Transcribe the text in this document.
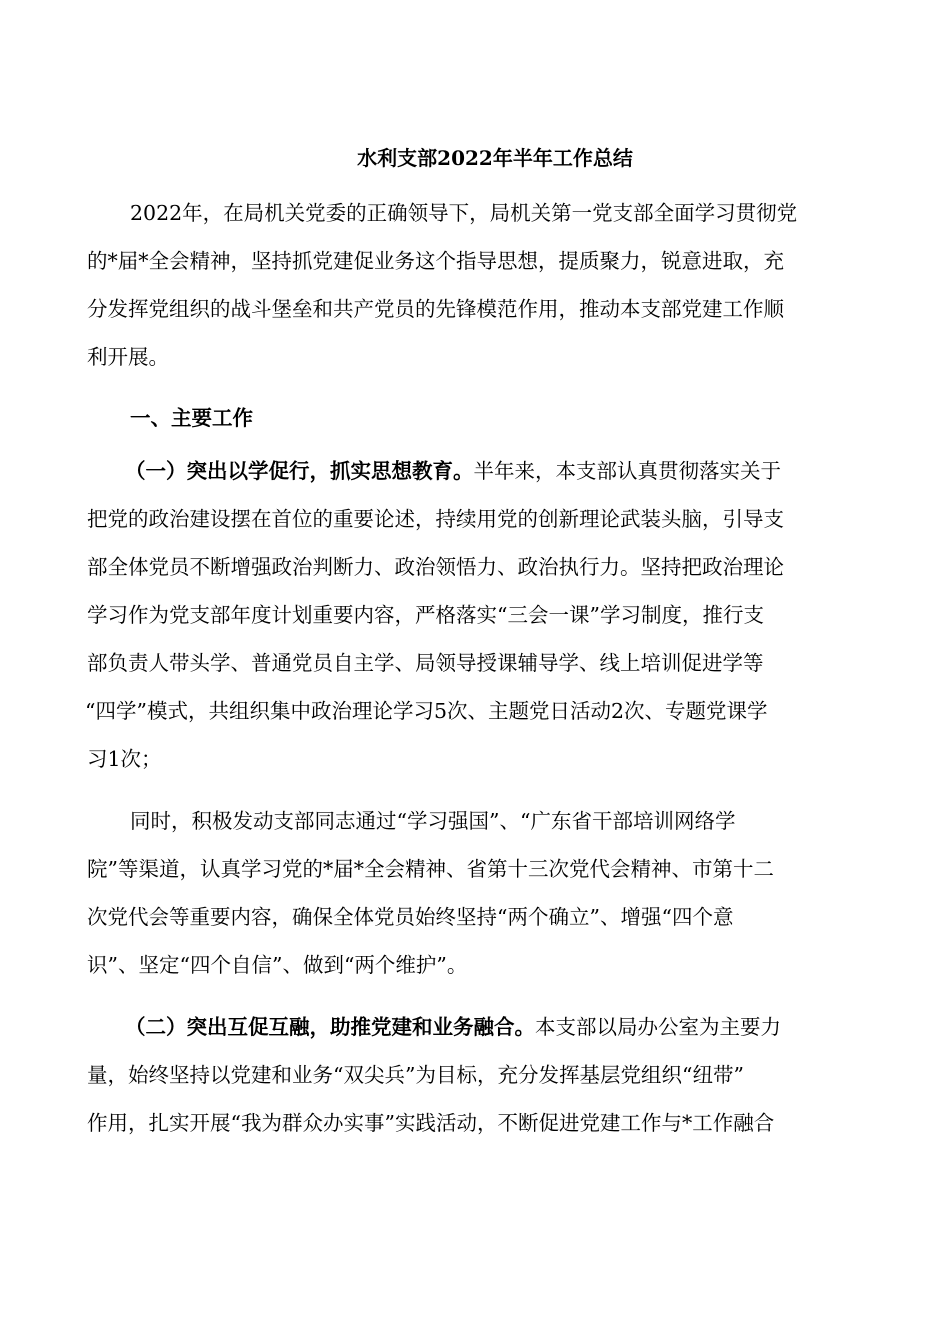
水利支部2022年半年工作总结
2022年，在局机关党委的正确领导下，局机关第一党支部全面学习贯彻党
的*届*全会精神，坚持抓党建促业务这个指导思想，提质聚力，锐意进取，充
分发挥党组织的战斗堡垒和共产党员的先锋模范作用，推动本支部党建工作顺
利开展。
一、主要工作
（一）突出以学促行，抓实思想教育。半年来，本支部认真贯彻落实关于
把党的政治建设摆在首位的重要论述，持续用党的创新理论武装头脑，引导支
部全体党员不断增强政治判断力、政治领悟力、政治执行力。坚持把政治理论
学习作为党支部年度计划重要内容，严格落实“三会一课”学习制度，推行支
部负责人带头学、普通党员自主学、局领导授课辅导学、线上培训促进学等
“四学”模式，共组织集中政治理论学习5次、主题党日活动2次、专题党课学
习1次；
同时，积极发动支部同志通过“学习强国”、“广东省干部培训网络学
院”等渠道，认真学习党的*届*全会精神、省第十三次党代会精神、市第十二
次党代会等重要内容，确保全体党员始终坚持“两个确立”、增强“四个意
识”、坚定“四个自信”、做到“两个维护”。
（二）突出互促互融，助推党建和业务融合。本支部以局办公室为主要力
量，始终坚持以党建和业务“双尖兵”为目标，充分发挥基层党组织“纽带”
作用，扎实开展“我为群众办实事”实践活动，不断促进党建工作与*工作融合
